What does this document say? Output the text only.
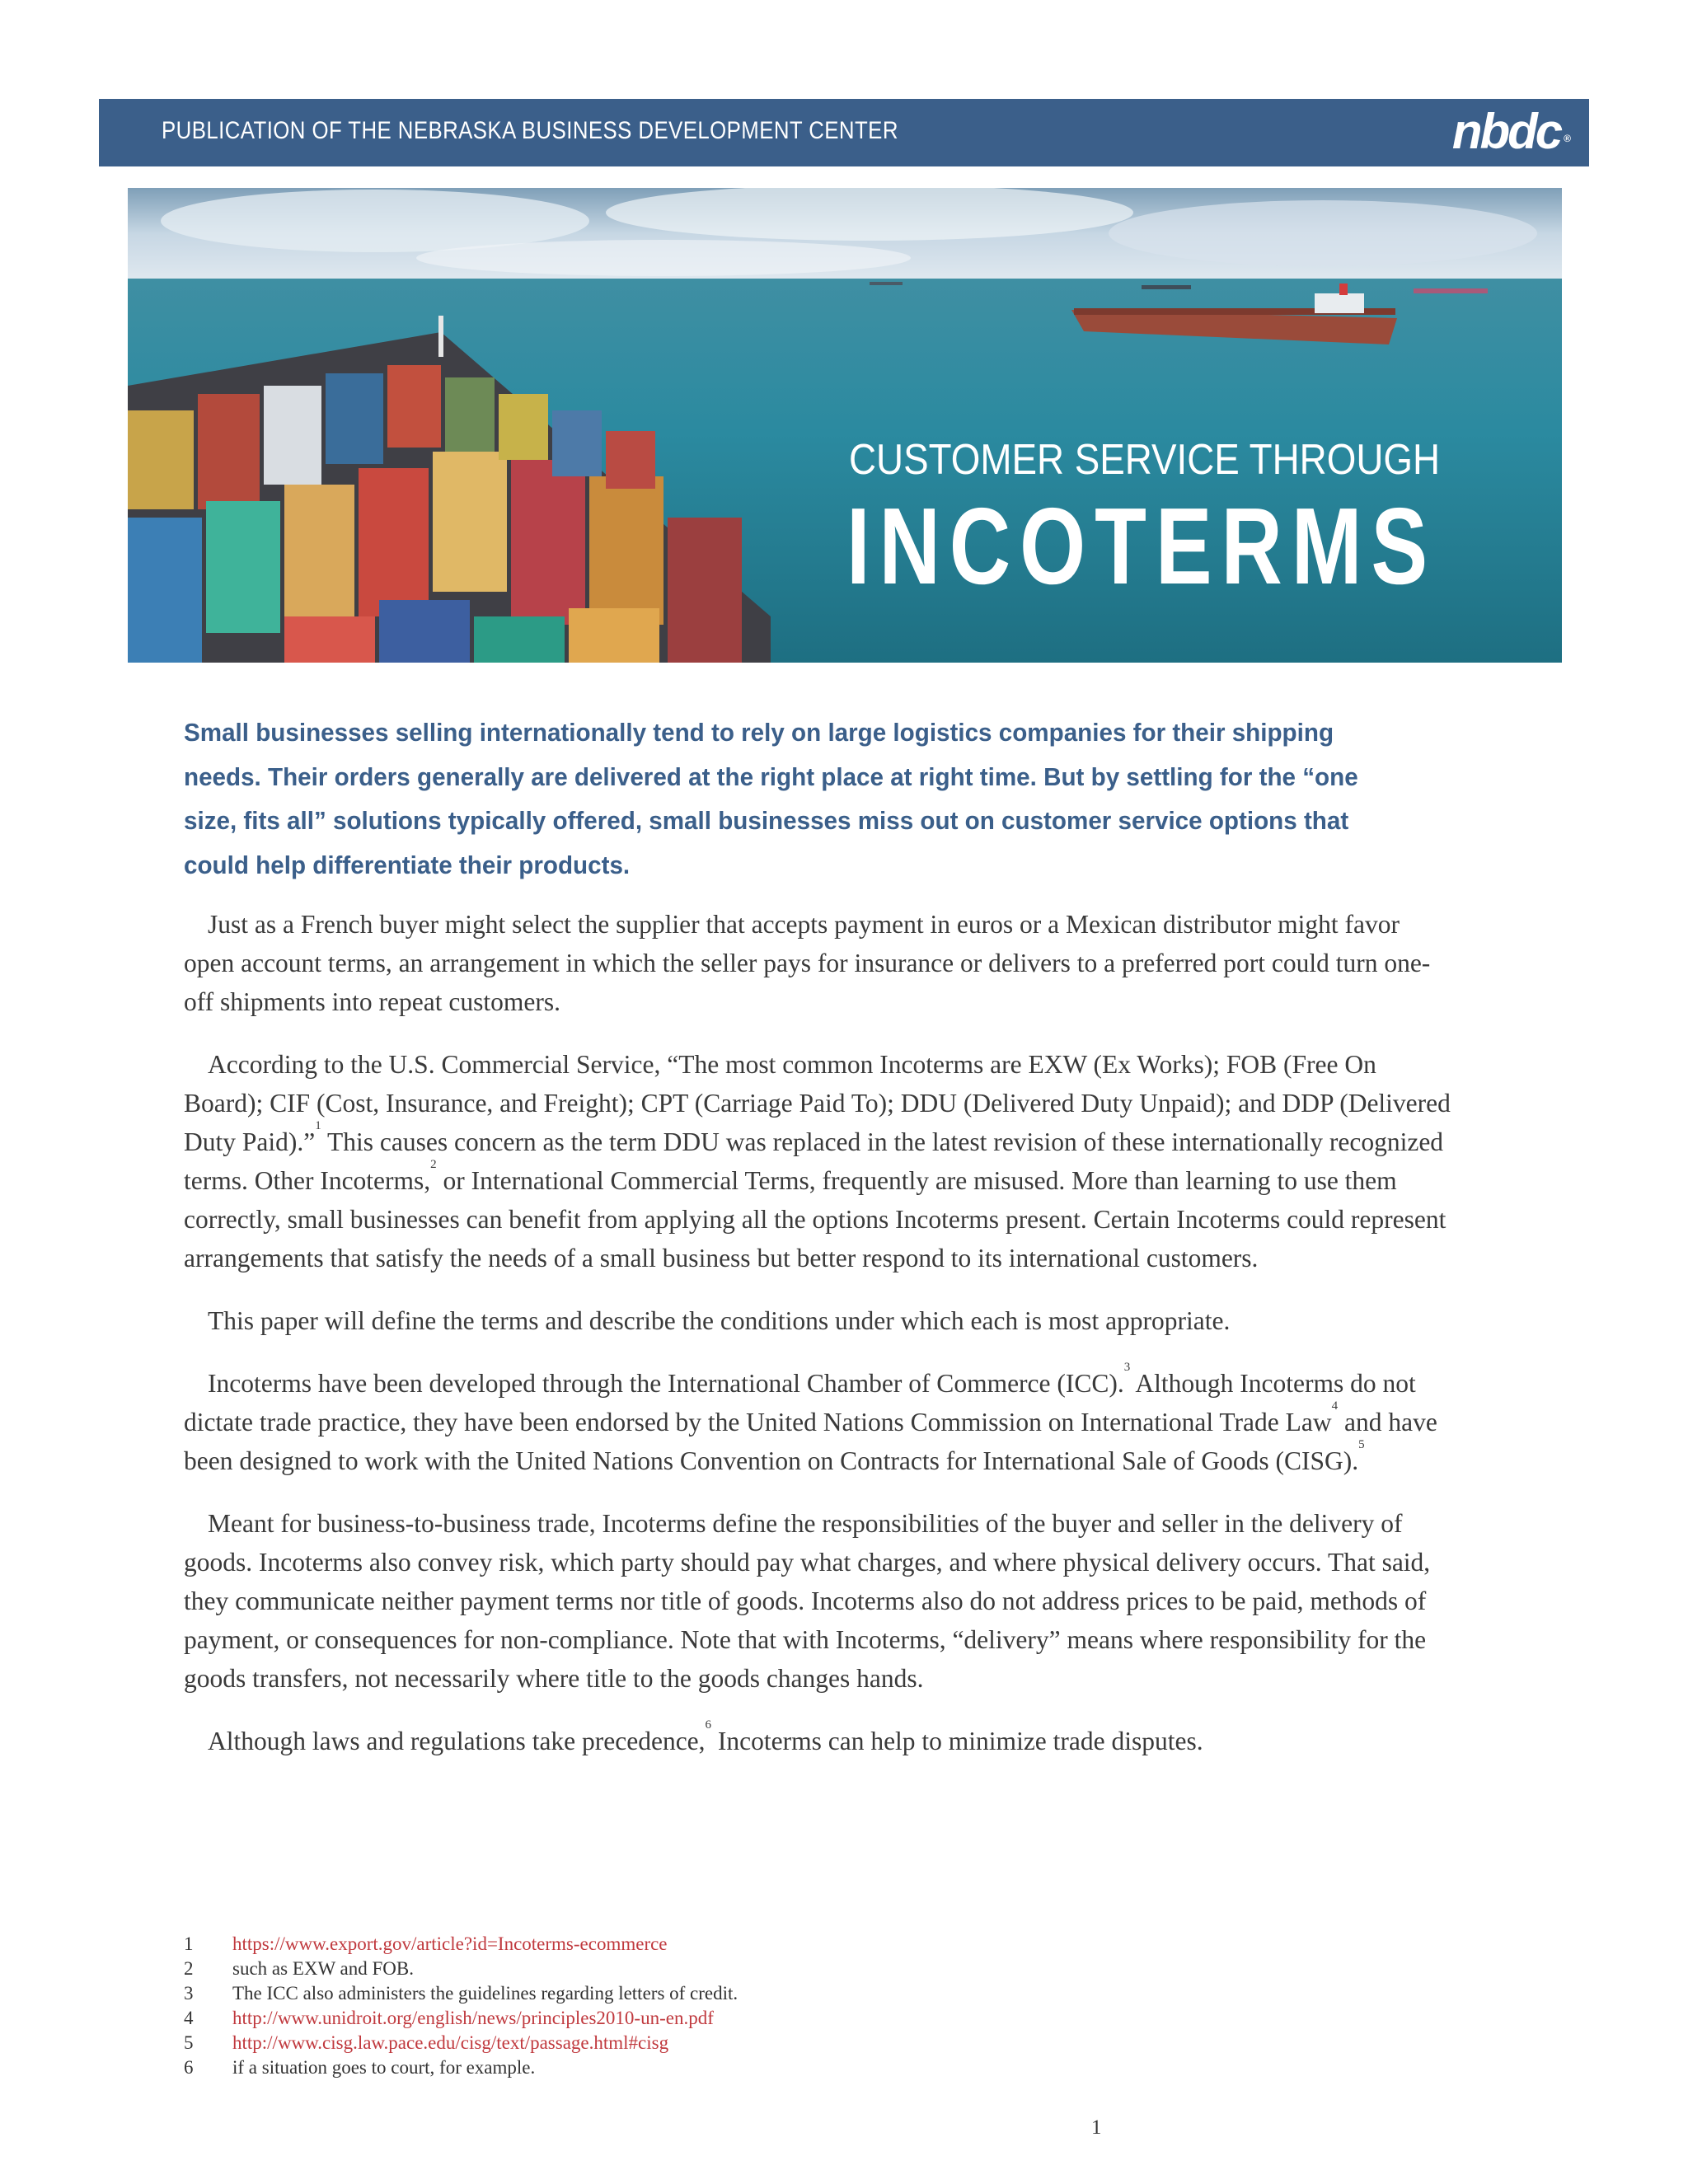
PUBLICATION OF THE NEBRASKA BUSINESS DEVELOPMENT CENTER	nbdc ®
CUSTOMER SERVICE THROUGH
INCOTERMS
Small businesses selling internationally tend to rely on large logistics companies for their shipping needs. Their orders generally are delivered at the right place at right time. But by settling for the “one size, fits all” solutions typically offered, small businesses miss out on customer service options that could help differentiate their products.

Just as a French buyer might select the supplier that accepts payment in euros or a Mexican distributor might favor open account terms, an arrangement in which the seller pays for insurance or delivers to a preferred port could turn one-off shipments into repeat customers.

According to the U.S. Commercial Service, “The most common Incoterms are EXW (Ex Works); FOB (Free On Board); CIF (Cost, Insurance, and Freight); CPT (Carriage Paid To); DDU (Delivered Duty Unpaid); and DDP (Delivered Duty Paid).”$^1$ This causes concern as the term DDU was replaced in the latest revision of these internationally recognized terms. Other Incoterms,$^2$ or International Commercial Terms, frequently are misused. More than learning to use them correctly, small businesses can benefit from applying all the options Incoterms present. Certain Incoterms could represent arrangements that satisfy the needs of a small business but better respond to its international customers.

This paper will define the terms and describe the conditions under which each is most appropriate.

Incoterms have been developed through the International Chamber of Commerce (ICC).$^3$ Although Incoterms do not dictate trade practice, they have been endorsed by the United Nations Commission on International Trade Law$^4$ and have been designed to work with the United Nations Convention on Contracts for International Sale of Goods (CISG).$^5$

Meant for business-to-business trade, Incoterms define the responsibilities of the buyer and seller in the delivery of goods. Incoterms also convey risk, which party should pay what charges, and where physical delivery occurs. That said, they communicate neither payment terms nor title of goods. Incoterms also do not address prices to be paid, methods of payment, or consequences for non-compliance. Note that with Incoterms, “delivery” means where responsibility for the goods transfers, not necessarily where title to the goods changes hands.

Although laws and regulations take precedence,$^6$ Incoterms can help to minimize trade disputes.

1	https://www.export.gov/article?id=Incoterms-ecommerce
2	such as EXW and FOB.
3	The ICC also administers the guidelines regarding letters of credit.
4	http://www.unidroit.org/english/news/principles2010-un-en.pdf
5	http://www.cisg.law.pace.edu/cisg/text/passage.html#cisg
6	if a situation goes to court, for example.
1
